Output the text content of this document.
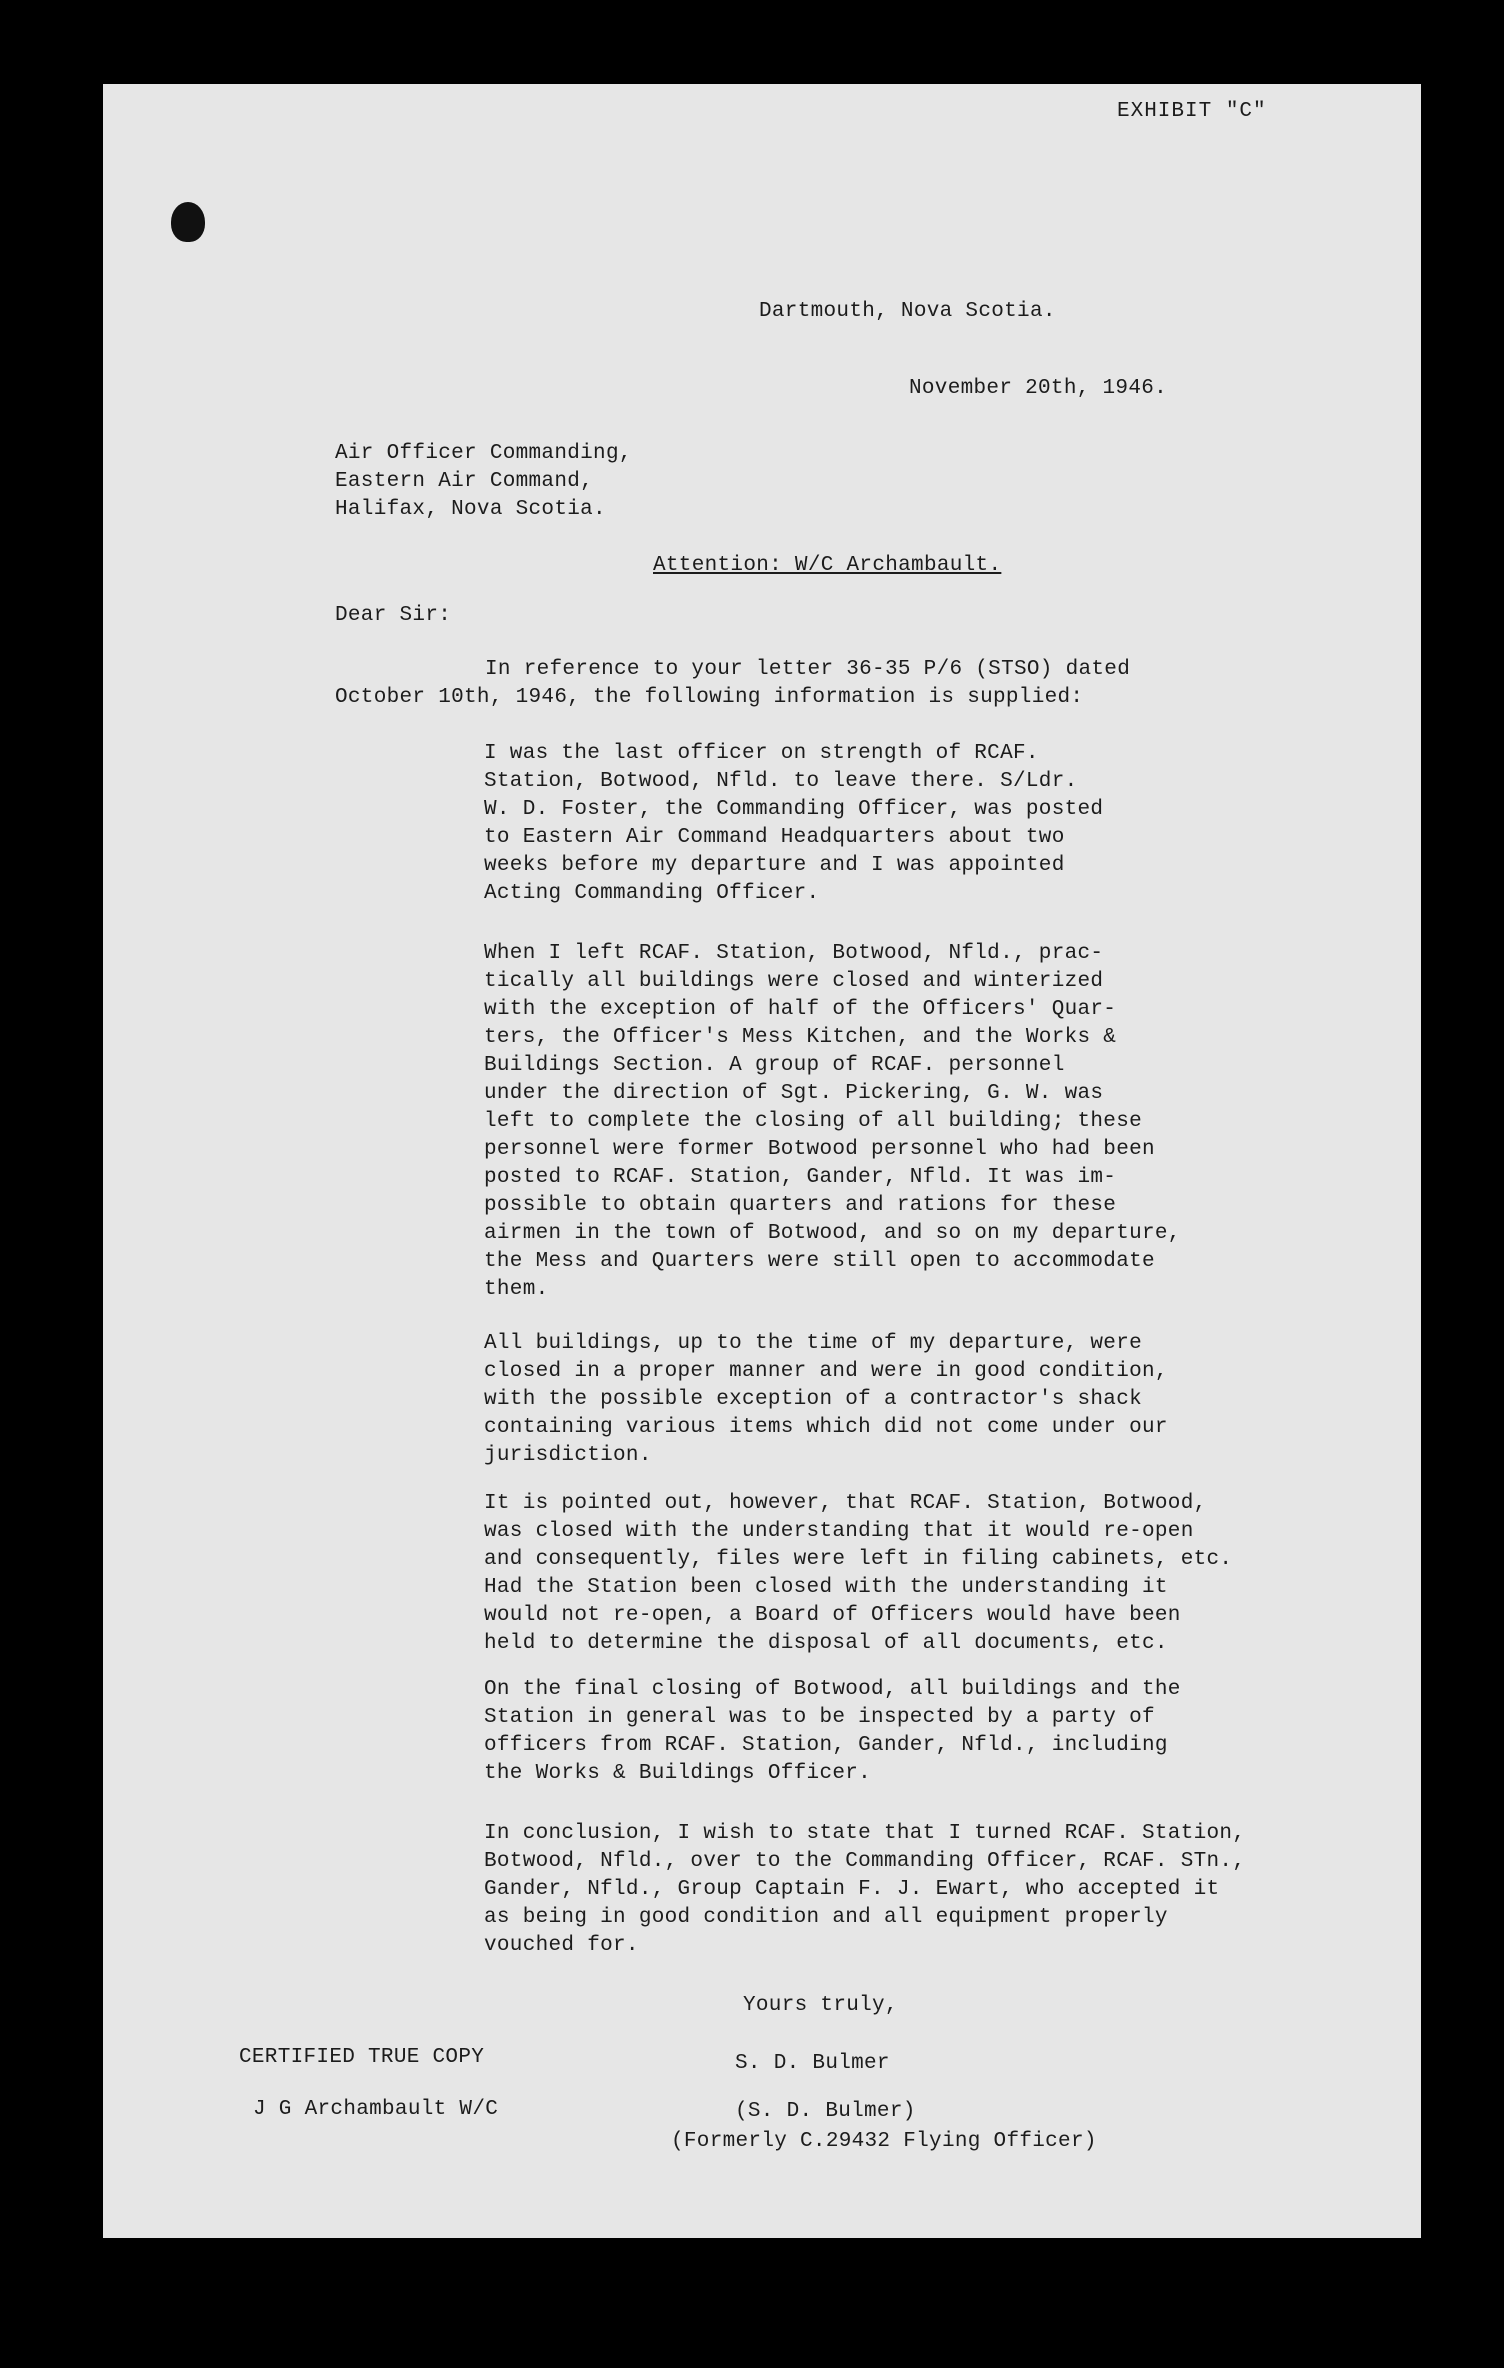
EXHIBIT "C"
Dartmouth, Nova Scotia.
November 20th, 1946.
Air Officer Commanding,
Eastern Air Command,
Halifax, Nova Scotia.
Attention: W/C Archambault.
Dear Sir:
In reference to your letter 36-35 P/6 (STSO) dated
October 10th, 1946, the following information is supplied:
I was the last officer on strength of RCAF.
Station, Botwood, Nfld. to leave there. S/Ldr.
W. D. Foster, the Commanding Officer, was posted
to Eastern Air Command Headquarters about two
weeks before my departure and I was appointed
Acting Commanding Officer.
When I left RCAF. Station, Botwood, Nfld., prac-
tically all buildings were closed and winterized
with the exception of half of the Officers' Quar-
ters, the Officer's Mess Kitchen, and the Works &
Buildings Section. A group of RCAF. personnel
under the direction of Sgt. Pickering, G. W. was
left to complete the closing of all building; these
personnel were former Botwood personnel who had been
posted to RCAF. Station, Gander, Nfld. It was im-
possible to obtain quarters and rations for these
airmen in the town of Botwood, and so on my departure,
the Mess and Quarters were still open to accommodate
them.
All buildings, up to the time of my departure, were
closed in a proper manner and were in good condition,
with the possible exception of a contractor's shack
containing various items which did not come under our
jurisdiction.
It is pointed out, however, that RCAF. Station, Botwood,
was closed with the understanding that it would re-open
and consequently, files were left in filing cabinets, etc.
Had the Station been closed with the understanding it
would not re-open, a Board of Officers would have been
held to determine the disposal of all documents, etc.
On the final closing of Botwood, all buildings and the
Station in general was to be inspected by a party of
officers from RCAF. Station, Gander, Nfld., including
the Works & Buildings Officer.
In conclusion, I wish to state that I turned RCAF. Station,
Botwood, Nfld., over to the Commanding Officer, RCAF. STn.,
Gander, Nfld., Group Captain F. J. Ewart, who accepted it
as being in good condition and all equipment properly
vouched for.
Yours truly,
CERTIFIED TRUE COPY
J G Archambault W/C
S. D. Bulmer
(S. D. Bulmer)
(Formerly C.29432 Flying Officer)
